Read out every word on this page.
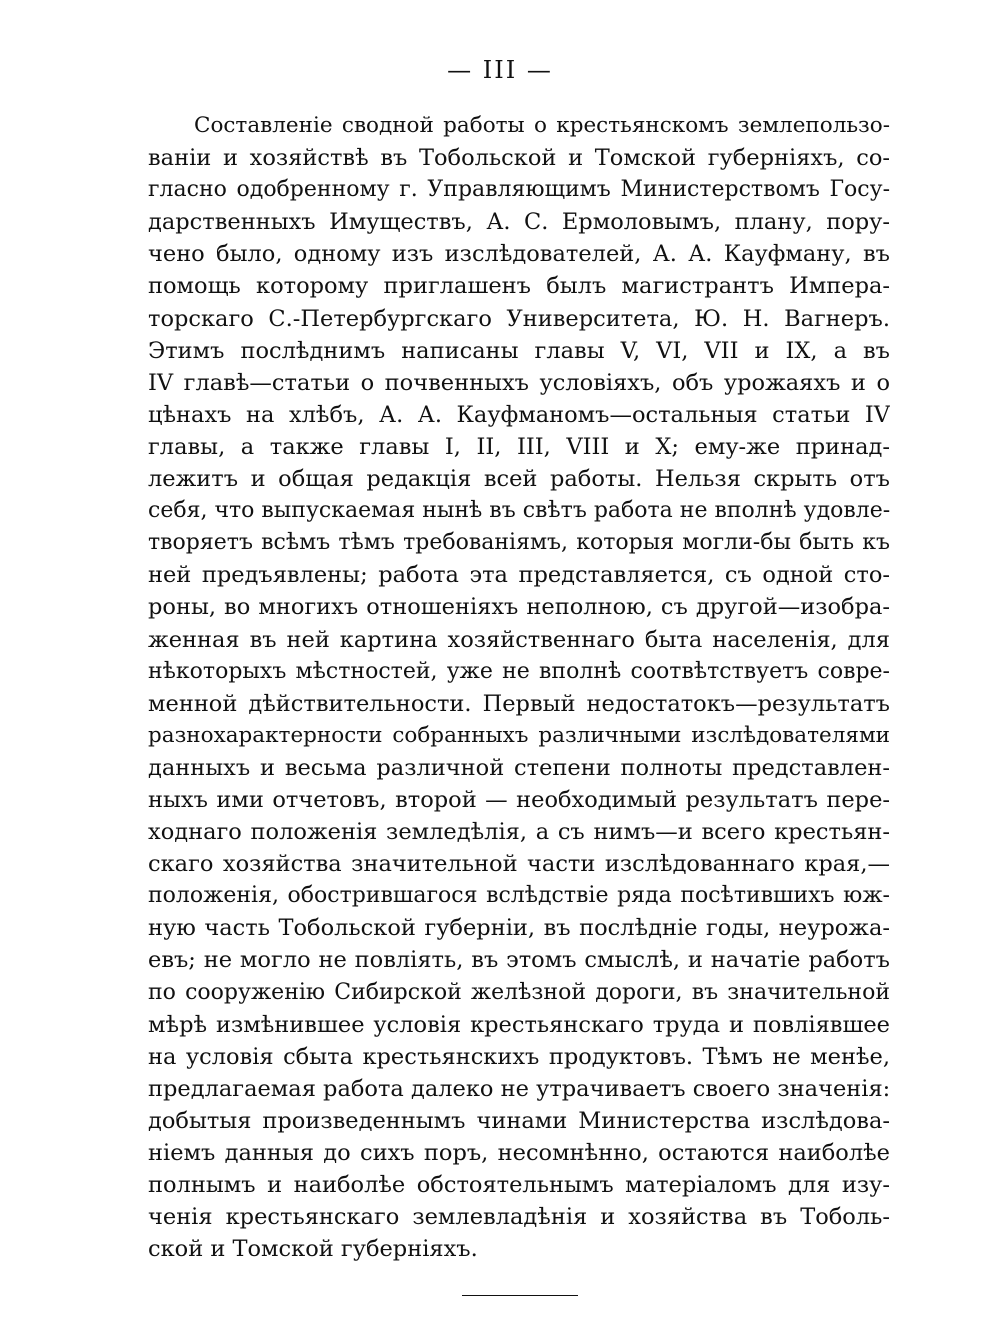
— III —
Составленіе сводной работы о крестьянскомъ землепользо-
ваніи и хозяйствѣ въ Тобольской и Томской губерніяхъ, со-
гласно одобренному г. Управляющимъ Министерствомъ Госу-
дарственныхъ Имуществъ, А. С. Ермоловымъ, плану, пору-
чено было, одному изъ изслѣдователей, А. А. Кауфману, въ
помощь которому приглашенъ былъ магистрантъ Импера-
торскаго С.-Петербургскаго Университета, Ю. Н. Вагнеръ.
Этимъ послѣднимъ написаны главы V, VI, VII и IX, а въ
IV главѣ—статьи о почвенныхъ условіяхъ, объ урожаяхъ и о
цѣнахъ на хлѣбъ, А. А. Кауфманомъ—остальныя статьи IV
главы, а также главы I, II, III, VIII и X; ему-же принад-
лежитъ и общая редакція всей работы. Нельзя скрыть отъ
себя, что выпускаемая нынѣ въ свѣтъ работа не вполнѣ удовле-
творяетъ всѣмъ тѣмъ требованіямъ, которыя могли-бы быть къ
ней предъявлены; работа эта представляется, съ одной сто-
роны, во многихъ отношеніяхъ неполною, съ другой—изобра-
женная въ ней картина хозяйственнаго быта населенія, для
нѣкоторыхъ мѣстностей, уже не вполнѣ соотвѣтствуетъ совре-
менной дѣйствительности. Первый недостатокъ—результатъ
разнохарактерности собранныхъ различными изслѣдователями
данныхъ и весьма различной степени полноты представлен-
ныхъ ими отчетовъ, второй — необходимый результатъ пере-
ходнаго положенія земледѣлія, а съ нимъ—и всего крестьян-
скаго хозяйства значительной части изслѣдованнаго края,—
положенія, обострившагося вслѣдствіе ряда посѣтившихъ юж-
ную часть Тобольской губерніи, въ послѣдніе годы, неурожа-
евъ; не могло не повліять, въ этомъ смыслѣ, и начатіе работъ
по сооруженію Сибирской желѣзной дороги, въ значительной
мѣрѣ измѣнившее условія крестьянскаго труда и повліявшее
на условія сбыта крестьянскихъ продуктовъ. Тѣмъ не менѣе,
предлагаемая работа далеко не утрачиваетъ своего значенія:
добытыя произведеннымъ чинами Министерства изслѣдова-
ніемъ данныя до сихъ поръ, несомнѣнно, остаются наиболѣе
полнымъ и наиболѣе обстоятельнымъ матеріаломъ для изу-
ченія крестьянскаго землевладѣнія и хозяйства въ Тоболь-
ской и Томской губерніяхъ.
